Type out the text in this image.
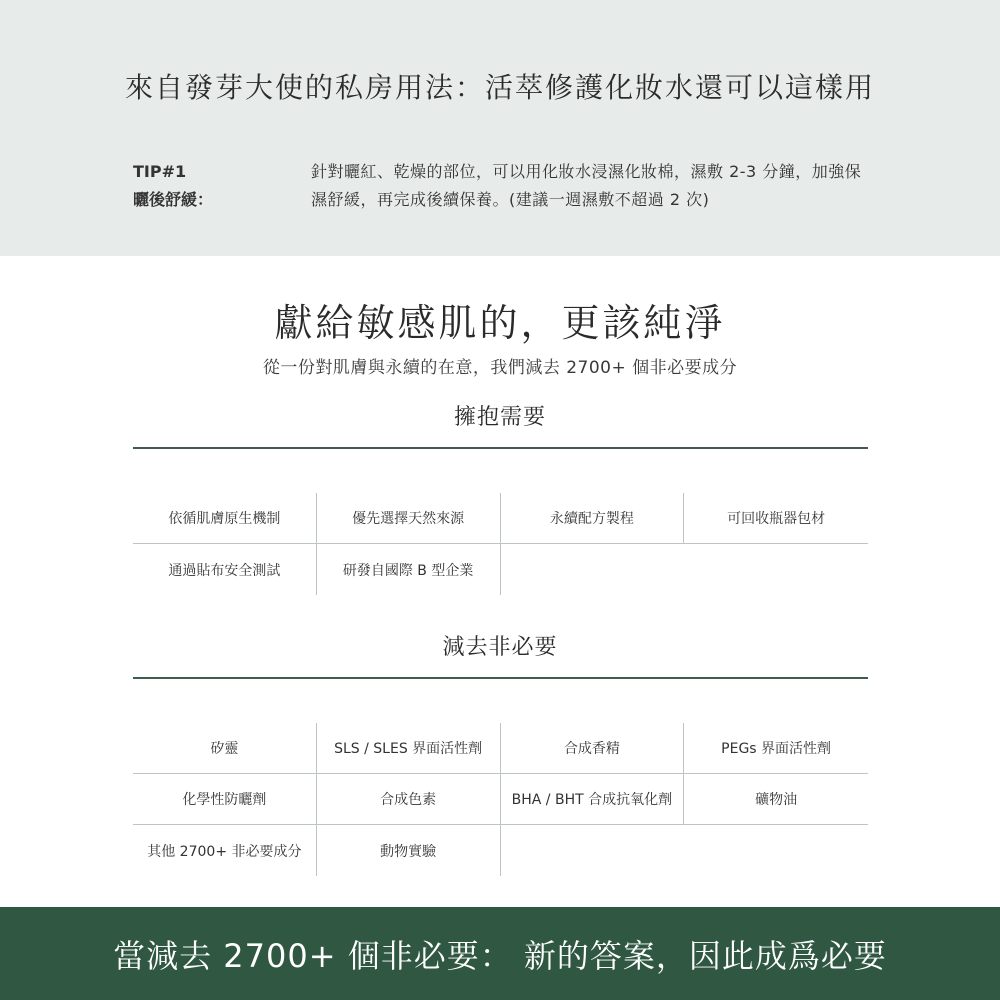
來自發芽大使的私房用法：活萃修護化妝水還可以這樣用
TIP#1
曬後舒緩：
針對曬紅、乾燥的部位，可以用化妝水浸濕化妝棉，濕敷 2-3 分鐘，加強保濕舒緩，再完成後續保養。(建議一週濕敷不超過 2 次)
獻給敏感肌的，更該純淨
從一份對肌膚與永續的在意，我們減去 2700+ 個非必要成分
擁抱需要
依循肌膚原生機制	優先選擇天然來源	永續配方製程	可回收瓶器包材
通過貼布安全測試	研發自國際 B 型企業
減去非必要
矽靈	SLS / SLES 界面活性劑	合成香精	PEGs 界面活性劑
化學性防曬劑	合成色素	BHA / BHT 合成抗氧化劑	礦物油
其他 2700+ 非必要成分	動物實驗
當減去 2700+ 個非必要： 新的答案，因此成爲必要
